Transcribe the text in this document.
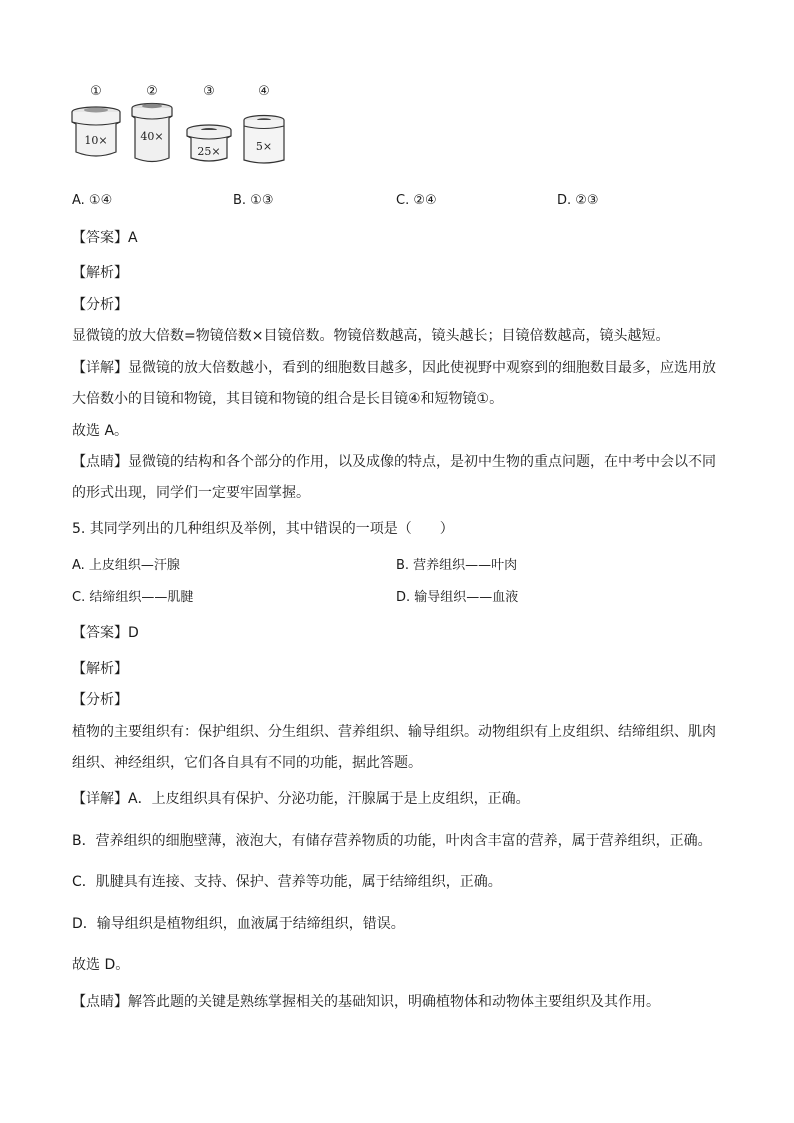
①
10×
②
40×
③
25×
④
5×
A. ①④	B. ①③	C. ②④	D. ②③
【答案】A
【解析】
【分析】
显微镜的放大倍数=物镜倍数×目镜倍数。物镜倍数越高，镜头越长；目镜倍数越高，镜头越短。
【详解】显微镜的放大倍数越小，看到的细胞数目越多，因此使视野中观察到的细胞数目最多，应选用放
大倍数小的目镜和物镜，其目镜和物镜的组合是长目镜④和短物镜①。
故选 A。
【点睛】显微镜的结构和各个部分的作用，以及成像的特点，是初中生物的重点问题，在中考中会以不同
的形式出现，同学们一定要牢固掌握。
5. 其同学列出的几种组织及举例，其中错误的一项是（　　）
A. 上皮组织—汗腺	B. 营养组织——叶肉
C. 结缔组织——肌腱	D. 输导组织——血液
【答案】D
【解析】
【分析】
植物的主要组织有：保护组织、分生组织、营养组织、输导组织。动物组织有上皮组织、结缔组织、肌肉
组织、神经组织，它们各自具有不同的功能，据此答题。
【详解】A．上皮组织具有保护、分泌功能，汗腺属于是上皮组织，正确。
B．营养组织的细胞壁薄，液泡大，有储存营养物质的功能，叶肉含丰富的营养，属于营养组织，正确。
C．肌腱具有连接、支持、保护、营养等功能，属于结缔组织，正确。
D．输导组织是植物组织，血液属于结缔组织，错误。
故选 D。
【点睛】解答此题的关键是熟练掌握相关的基础知识，明确植物体和动物体主要组织及其作用。
